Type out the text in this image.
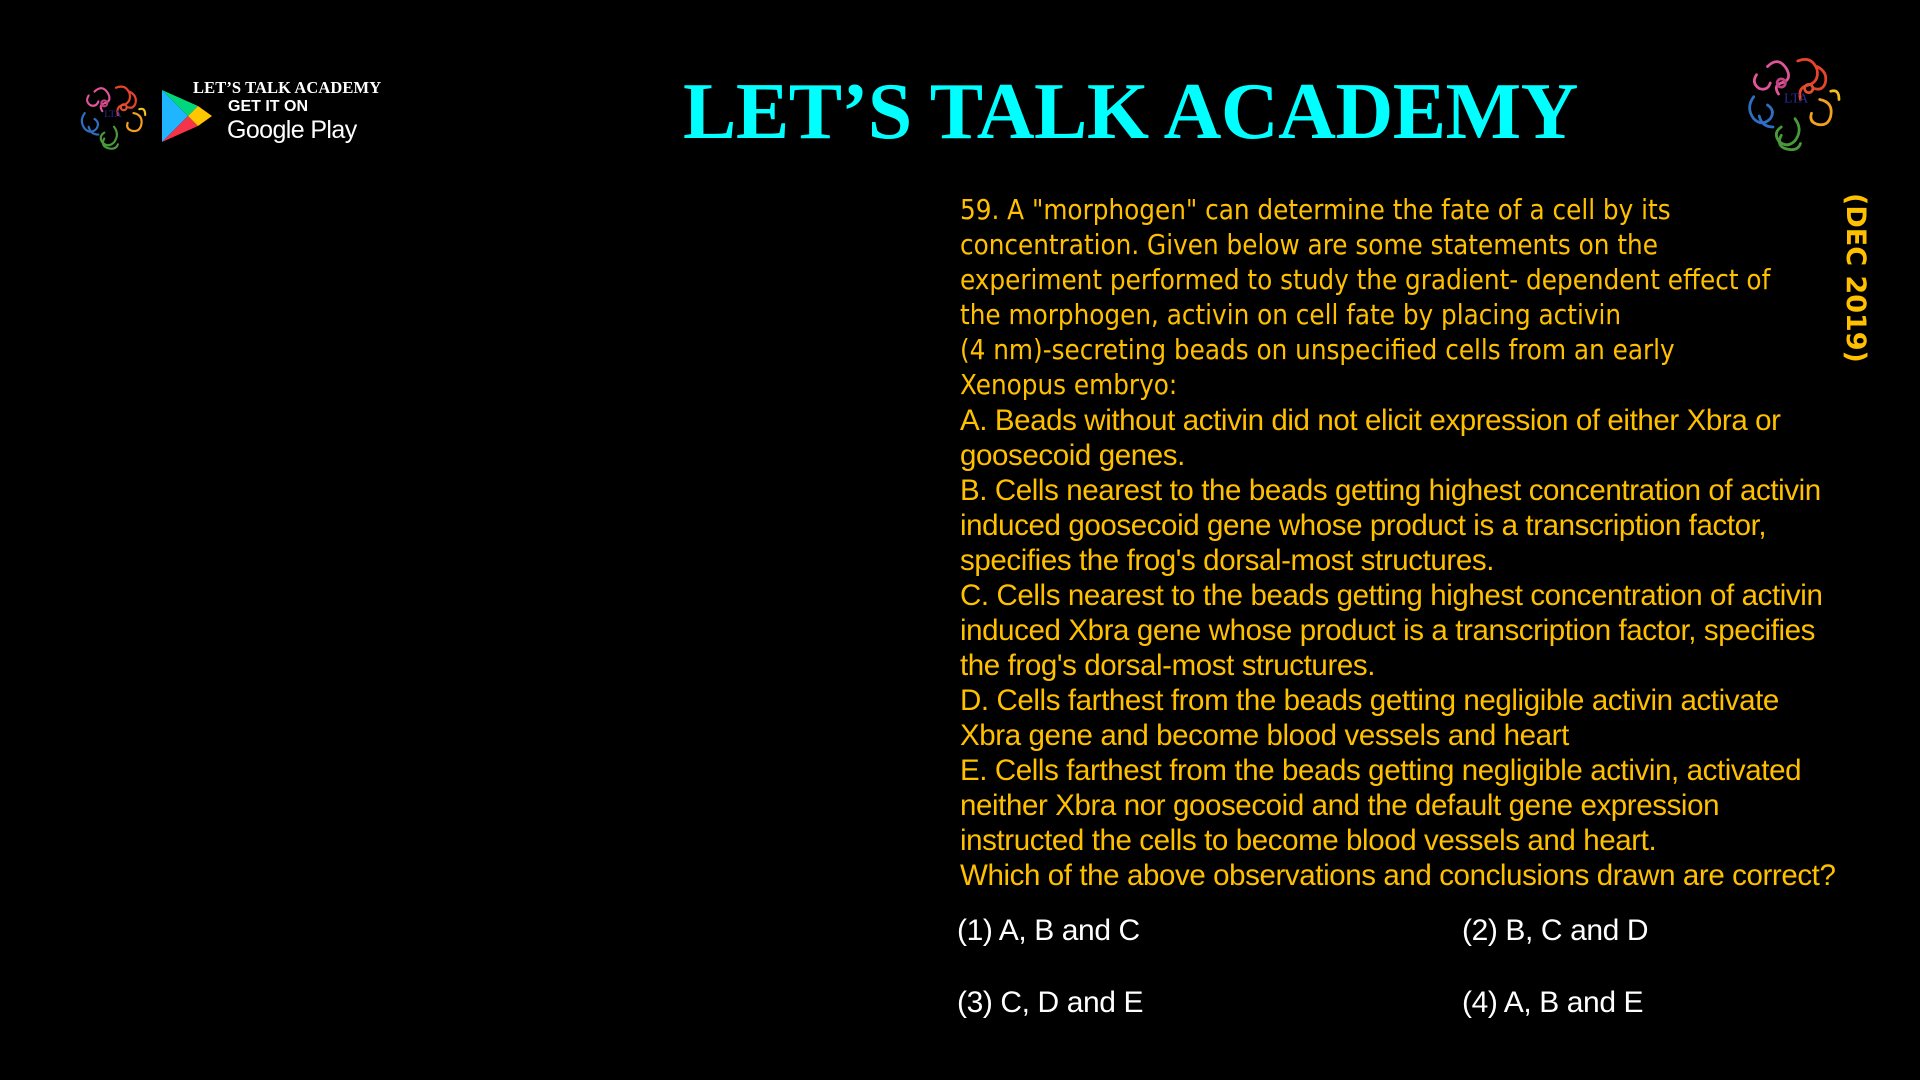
LTA
LET’S TALK ACADEMY
GET IT ON
Google Play	LET’S TALK ACADEMY	LTA
(DEC 2019)
59. A "morphogen" can determine the fate of a cell by its
concentration. Given below are some statements on the
experiment performed to study the gradient- dependent effect of
the morphogen, activin on cell fate by placing activin
(4 nm)-secreting beads on unspecified cells from an early
Xenopus embryo:
A. Beads without activin did not elicit expression of either Xbra or
goosecoid genes.
B. Cells nearest to the beads getting highest concentration of activin
induced goosecoid gene whose product is a transcription factor,
specifies the frog's dorsal-most structures.
C. Cells nearest to the beads getting highest concentration of activin
induced Xbra gene whose product is a transcription factor, specifies
the frog's dorsal-most structures.
D. Cells farthest from the beads getting negligible activin activate
Xbra gene and become blood vessels and heart
E. Cells farthest from the beads getting negligible activin, activated
neither Xbra nor goosecoid and the default gene expression
instructed the cells to become blood vessels and heart.
Which of the above observations and conclusions drawn are correct?
(1) A, B and C	(2) B, C and D
(3) C, D and E	(4) A, B and E
